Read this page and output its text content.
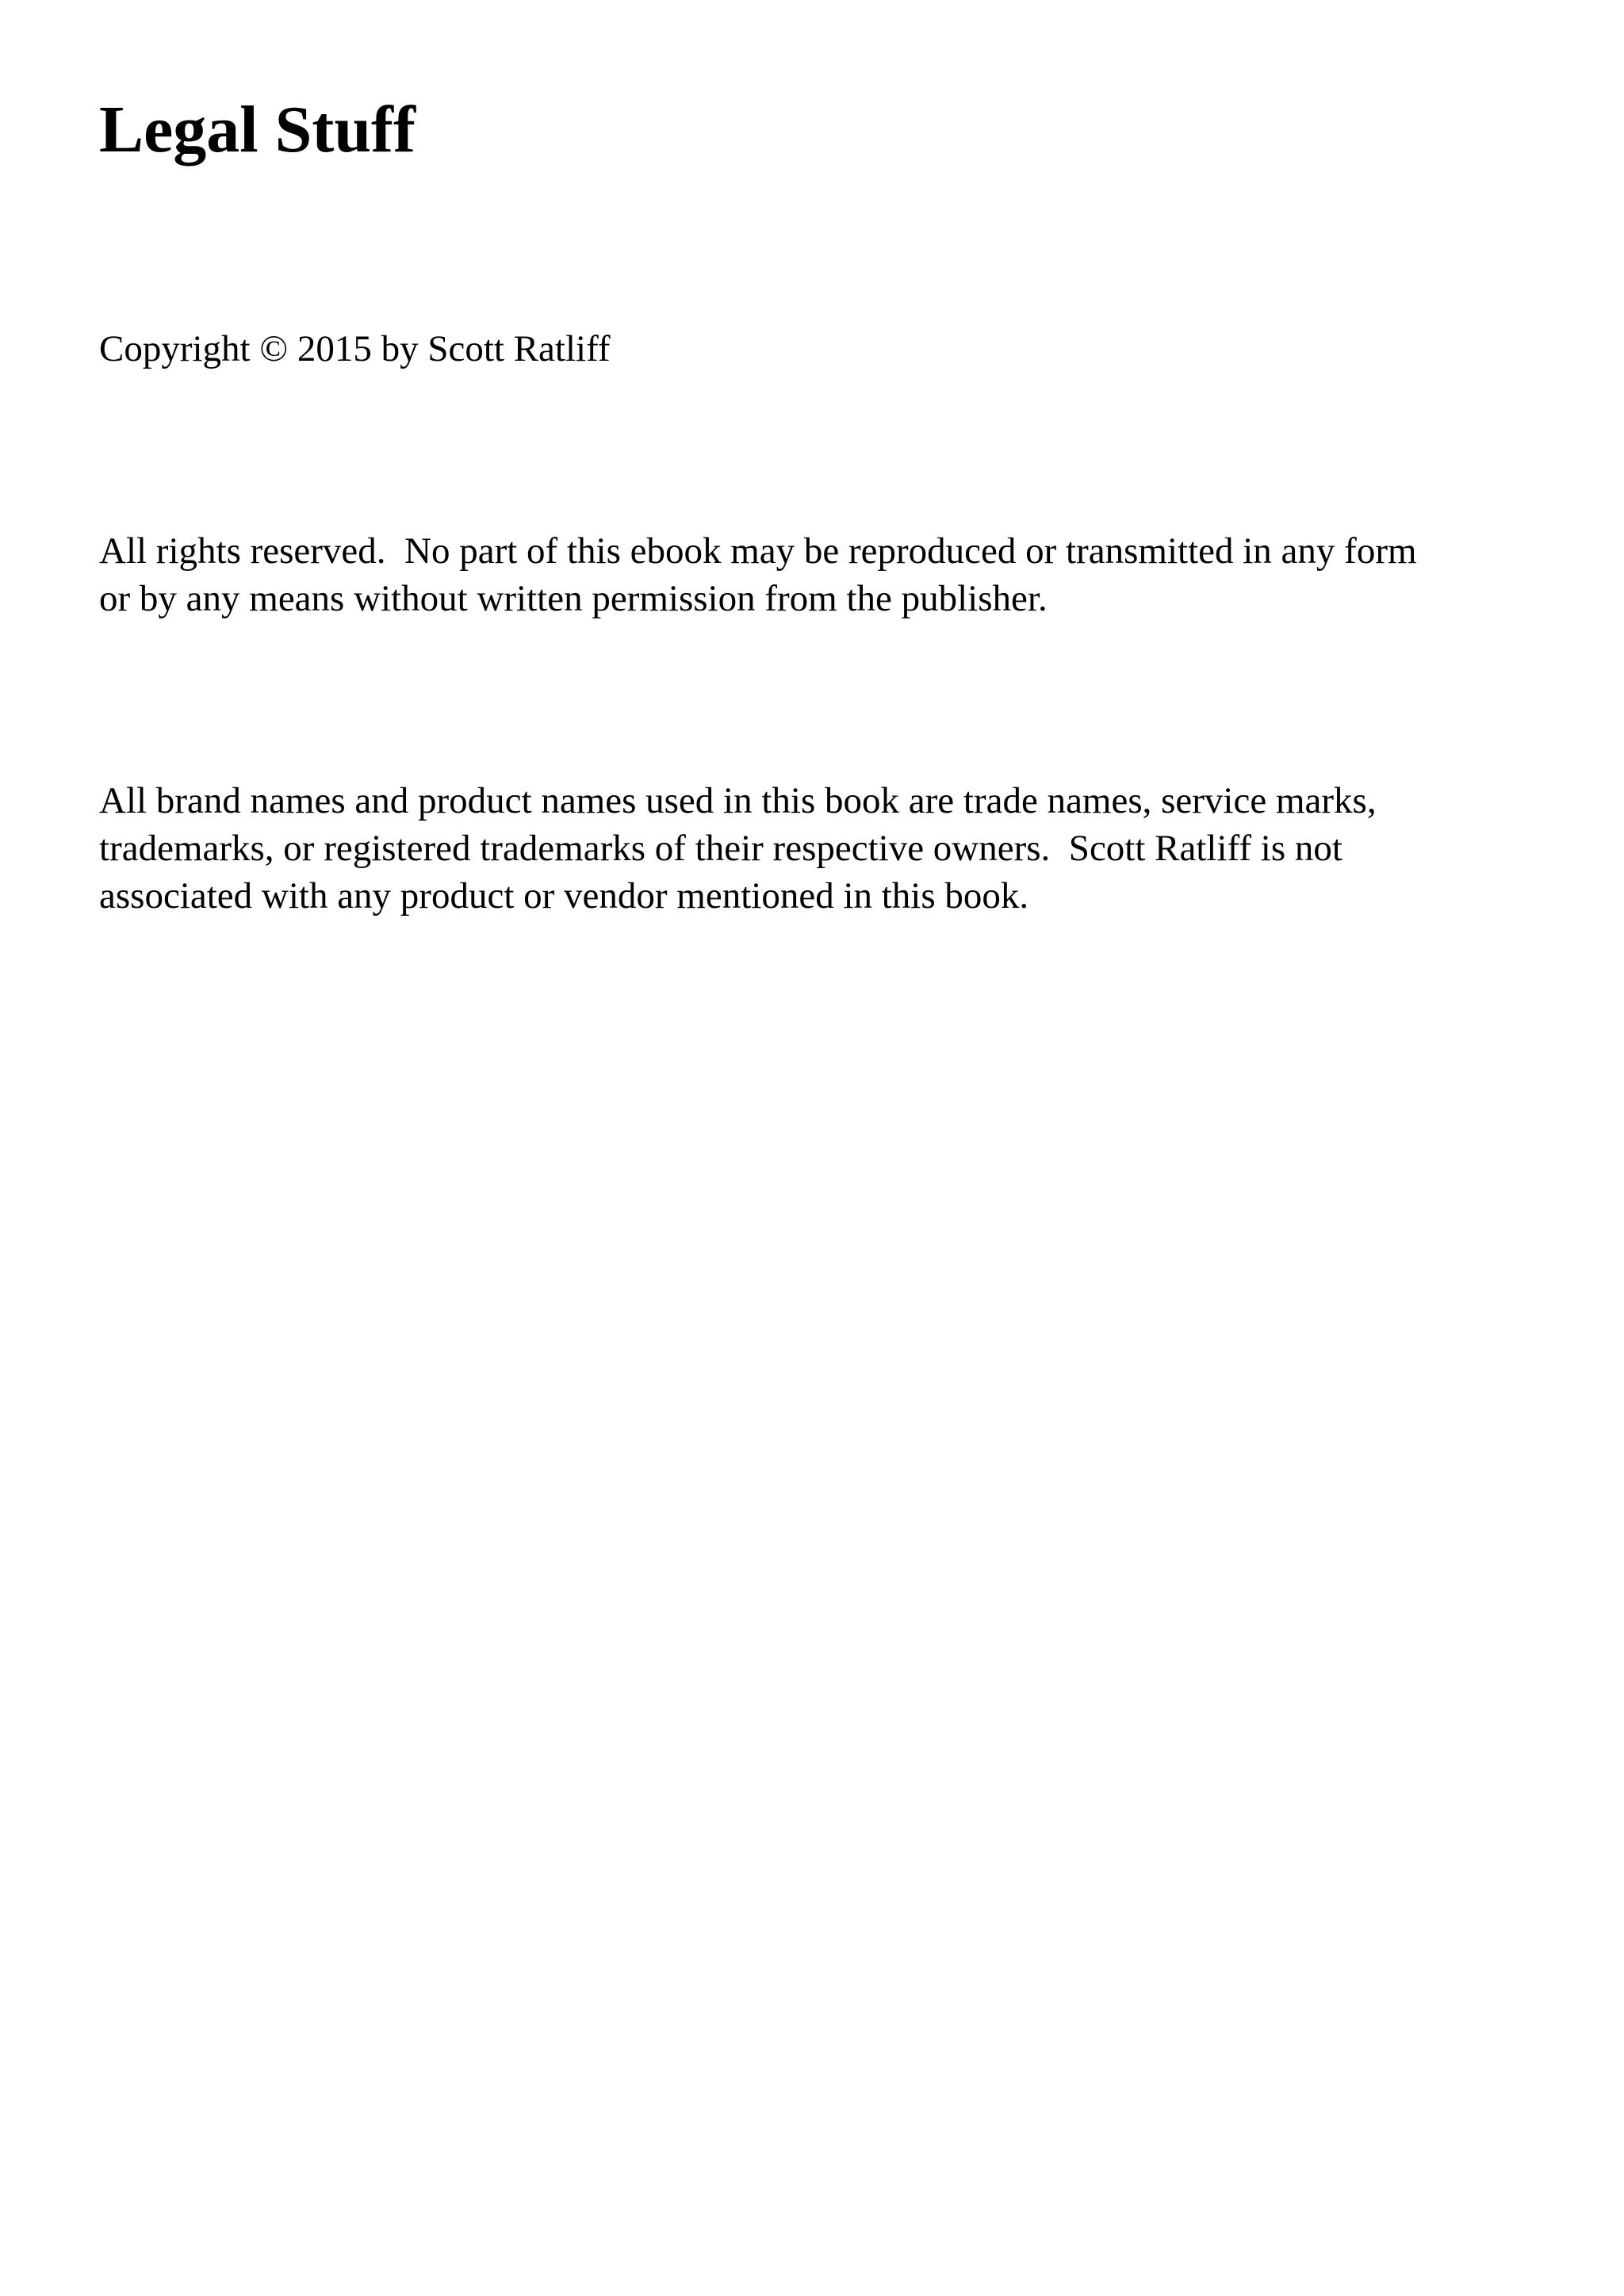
Legal Stuff

Copyright © 2015 by Scott Ratliff

All rights reserved.  No part of this ebook may be reproduced or transmitted in any form
or by any means without written permission from the publisher.

All brand names and product names used in this book are trade names, service marks,
trademarks, or registered trademarks of their respective owners.  Scott Ratliff is not
associated with any product or vendor mentioned in this book.
